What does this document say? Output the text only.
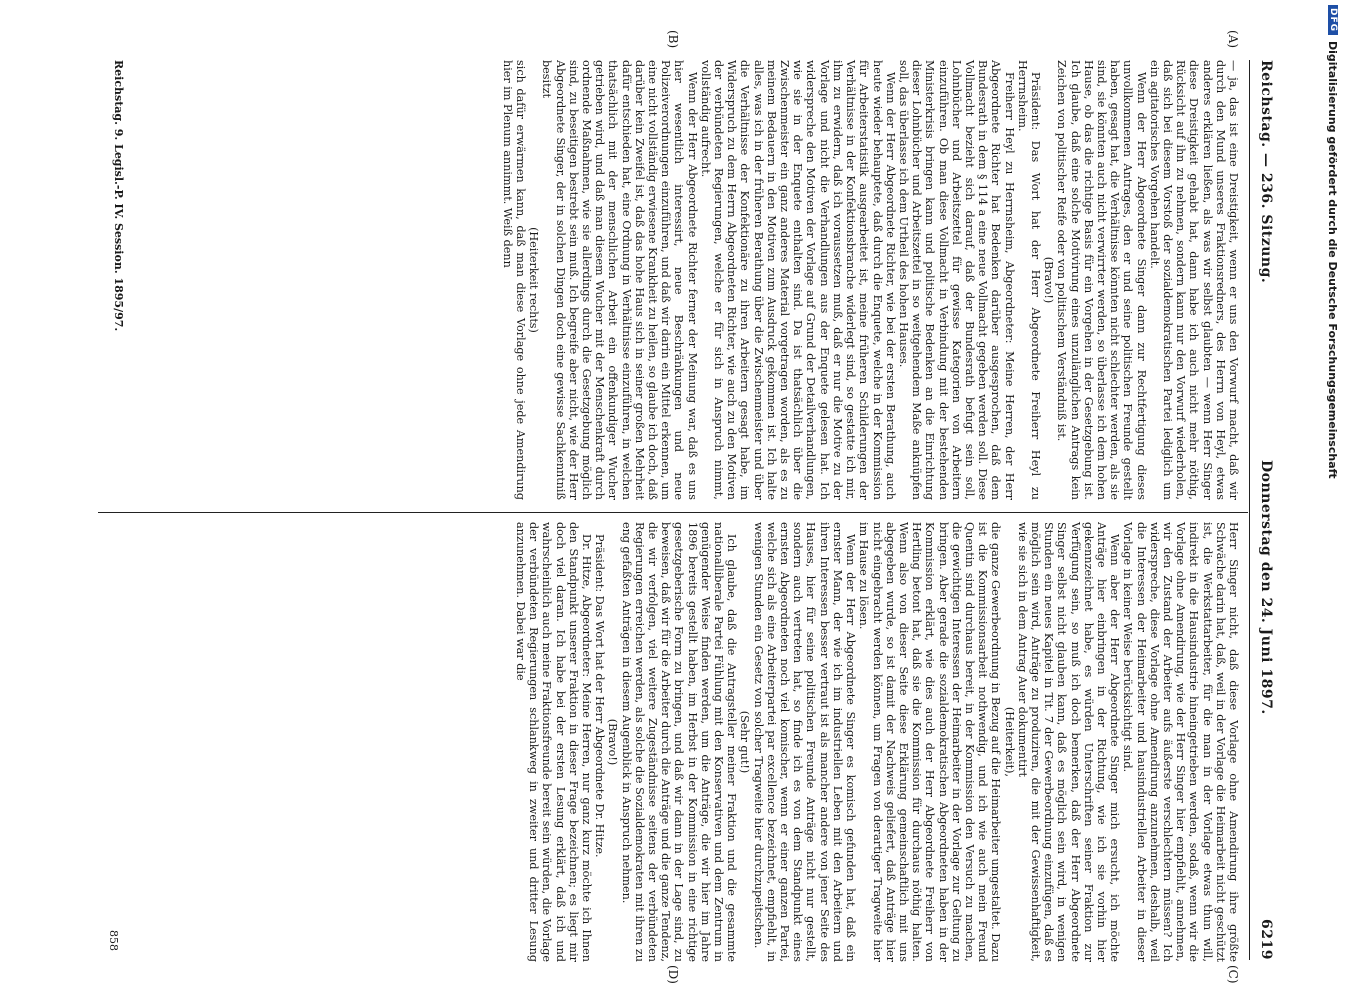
Reichstag. — 236. Sitzung.
Donnerstag den 24. Juni 1897.
6219
(A)
(B)
(C)
(D)

— ja, das ist eine Dreistigkeit, wenn er uns den Vorwurf macht, daß wir durch den Mund unseres Fraktionsredners, des Herrn von Heyl, etwas anderes erklären ließen, als was wir selbst glaubten — wenn Herr Singer diese Dreistigkeit gehabt hat, dann habe ich auch nicht mehr nöthig, Rücksicht auf ihn zu nehmen, sondern kann nur den Vorwurf wiederholen, daß sich bei diesem Vorstoß der sozialdemokratischen Partei lediglich um ein agitatorisches Vorgehen handelt.

Wenn der Herr Abgeordnete Singer dann zur Rechtfertigung dieses unvollkommenen Antrages, den er und seine politischen Freunde gestellt haben, gesagt hat, die Verhältnisse könnten nicht schlechter werden, als sie sind, sie könnten auch nicht verwirrter werden, so überlasse ich dem hohen Hause, ob das die richtige Basis für ein Vorgehen in der Gesetzgebung ist. Ich glaube, daß eine solche Motivirung eines unzulänglichen Antrags kein Zeichen von politischer Reife oder von politischem Verständniß ist.

(Bravo!)

Präsident: Das Wort hat der Herr Abgeordnete Freiherr Heyl zu Herrnsheim.

Freiherr Heyl zu Herrnsheim, Abgeordneter: Meine Herren, der Herr Abgeordnete Richter hat Bedenken darüber ausgesprochen, daß dem Bundesrath in dem § 114 a eine neue Vollmacht gegeben werden soll. Diese Vollmacht bezieht sich darauf, daß der Bundesrath befugt sein soll, Lohnbücher und Arbeitszettel für gewisse Kategorien von Arbeitern einzuführen. Ob man diese Vollmacht in Verbindung mit der bestehenden Ministerkrisis bringen kann und politische Bedenken an die Einrichtung dieser Lohnbücher und Arbeitszettel in so weitgehendem Maße anknüpfen soll, das überlasse ich dem Urtheil des hohen Hauses.

Wenn der Herr Abgeordnete Richter, wie bei der ersten Berathung, auch heute wieder behauptete, daß durch die Enquete, welche in der Kommission für Arbeiterstatistik ausgearbeitet ist, meine früheren Schilderungen der Verhältnisse in der Konfektionsbranche widerlegt sind, so gestatte ich mir, ihm zu erwidern, daß ich voraussetzen muß, daß er nur die Motive zu der Vorlage und nicht die Verhandlungen aus der Enquete gelesen hat. Ich widerspreche den Motiven der Vorlage auf Grund der Detailverhandlungen, wie sie in der Enquete enthalten sind. Da ist thatsächlich über die Zwischenmeister ein ganz anderes Material vorgetragen worden, als es zu meinem Bedauern in den Motiven zum Ausdruck gekommen ist. Ich halte alles, was ich in der früheren Berathung über die Zwischenmeister und über die Verhältnisse der Konfektionäre zu ihren Arbeitern gesagt habe, im Widerspruch zu dem Herrn Abgeordneten Richter, wie auch zu den Motiven der verbündeten Regierungen, welche er für sich in Anspruch nimmt, vollständig aufrecht.

Wenn der Herr Abgeordnete Richter ferner der Meinung war, daß es uns hier wesentlich interessirt, neue Beschränkungen und neue Polizeiverordnungen einzuführen, und daß wir darin ein Mittel erkennen, um eine nicht vollständig erwiesene Krankheit zu heilen, so glaube ich doch, daß darüber kein Zweifel ist, daß das hohe Haus sich in seiner großen Mehrheit dafür entschieden hat, eine Ordnung in Verhältnisse einzuführen, in welchen thatsächlich mit der menschlichen Arbeit ein offenkundiger Wucher getrieben wird, und daß man diesem Wucher mit der Menschenkraft durch ordnende Maßnahmen, wie sie allerdings durch die Gesetzgebung möglich sind, zu beseitigen bestrebt sein muß. Ich begreife aber nicht, wie der Herr Abgeordnete Singer, der in solchen Dingen doch eine gewisse Sachkenntniß besitzt

(Heiterkeit rechts)

sich dafür erwärmen kann, daß man diese Vorlage ohne jede Amendirung hier im Plenum annimmt. Weiß denn

Herr Singer nicht, daß diese Vorlage ohne Amendirung ihre größte Schwäche darin hat, daß, weil in der Vorlage die Heimarbeit nicht geschützt ist, die Werkstattarbeiter, für die man in der Vorlage etwas thun will, indirekt in die Hausindustrie hineingetrieben werden, sodaß, wenn wir die Vorlage ohne Amendirung, wie der Herr Singer hier empfiehlt, annehmen, wir den Zustand der Arbeiter aufs äußerste verschlechtern müssen? Ich widerspreche, diese Vorlage ohne Amendirung anzunehmen, deshalb, weil die Interessen der Heimarbeiter und hausindustriellen Arbeiter in dieser Vorlage in keiner Weise berücksichtigt sind.

Wenn aber der Herr Abgeordnete Singer mich ersucht, ich möchte Anträge hier einbringen in der Richtung, wie ich sie vorhin hier gekennzeichnet habe, es würden Unterschriften seiner Fraktion zur Verfügung sein, so muß ich doch bemerken, daß der Herr Abgeordnete Singer selbst nicht glauben kann, daß es möglich sein wird, in wenigen Stunden ein neues Kapitel in Tit. 7 der Gewerbeordnung einzufügen, daß es möglich sein wird, Anträge zu produziren, die mit der Gewissenhaftigkeit, wie sie sich in dem Antrag Auer dokumentirt

(Heiterkeit),

die ganze Gewerbeordnung in Bezug auf die Heimarbeiter umgestaltet. Dazu ist die Kommissionsarbeit nothwendig, und ich wie auch mein Freund Quentin sind durchaus bereit, in der Kommission den Versuch zu machen, die gewichtigen Interessen der Heimarbeiter in der Vorlage zur Geltung zu bringen. Aber gerade die sozialdemokratischen Abgeordneten haben in der Kommission erklärt, wie dies auch der Herr Abgeordnete Freiherr von Hertling betont hat, daß sie die Kommission für durchaus nöthig halten. Wenn also von dieser Seite diese Erklärung gemeinschaftlich mit uns abgegeben wurde, so ist damit der Nachweis geliefert, daß Anträge hier nicht eingebracht werden können, um Fragen von derartiger Tragweite hier im Hause zu lösen.

Wenn der Herr Abgeordnete Singer es komisch gefunden hat, daß ein ernster Mann, der wie ich im industriellen Leben mit den Arbeitern und ihren Interessen besser vertraut ist als mancher andere von jener Seite des Hauses, hier für seine politischen Freunde Anträge nicht nur gestellt, sondern auch vertreten hat, so finde ich es von dem Standpunkt eines ernsten Abgeordneten noch viel komischer, wenn er einer ganzen Partei, welche sich als eine Arbeiterpartei par excellence bezeichnet, empfiehlt, in wenigen Stunden ein Gesetz von solcher Tragweite hier durchzupeitschen.

(Sehr gut!)

Ich glaube, daß die Antragsteller meiner Fraktion und die gesammte nationalliberale Partei Fühlung mit den Konservativen und dem Zentrum in genügender Weise finden werden, um die Anträge, die wir hier im Jahre 1896 bereits gestellt haben, im Herbst in der Kommission in eine richtige gesetzgeberische Form zu bringen, und daß wir dann in der Lage sind, zu beweisen, daß wir für die Arbeiter durch die Anträge und die ganze Tendenz, die wir verfolgen, viel weitere Zugeständnisse seitens der verbündeten Regierungen erreichen werden, als solche die Sozialdemokraten mit ihren zu eng gefaßten Anträgen in diesem Augenblick in Anspruch nehmen.

(Bravo!)

Präsident: Das Wort hat der Herr Abgeordnete Dr. Hitze.

Dr. Hitze, Abgeordneter: Meine Herren, nur ganz kurz möchte ich Ihnen den Standpunkt unserer Fraktion in dieser Frage bezeichnen; es liegt mir doch viel daran. Ich habe bei der ersten Lesung erklärt, daß ich und wahrscheinlich auch meine Fraktionsfreunde bereit sein würden, die Vorlage der verbündeten Regierungen schlankweg in zweiter und dritter Lesung anzunehmen. Dabei war die

Reichstag. 9. Legisl.-P. IV. Session. 1895/97.
858
DFG
Digitalisierung gefördert durch die Deutsche Forschungsgemeinschaft
